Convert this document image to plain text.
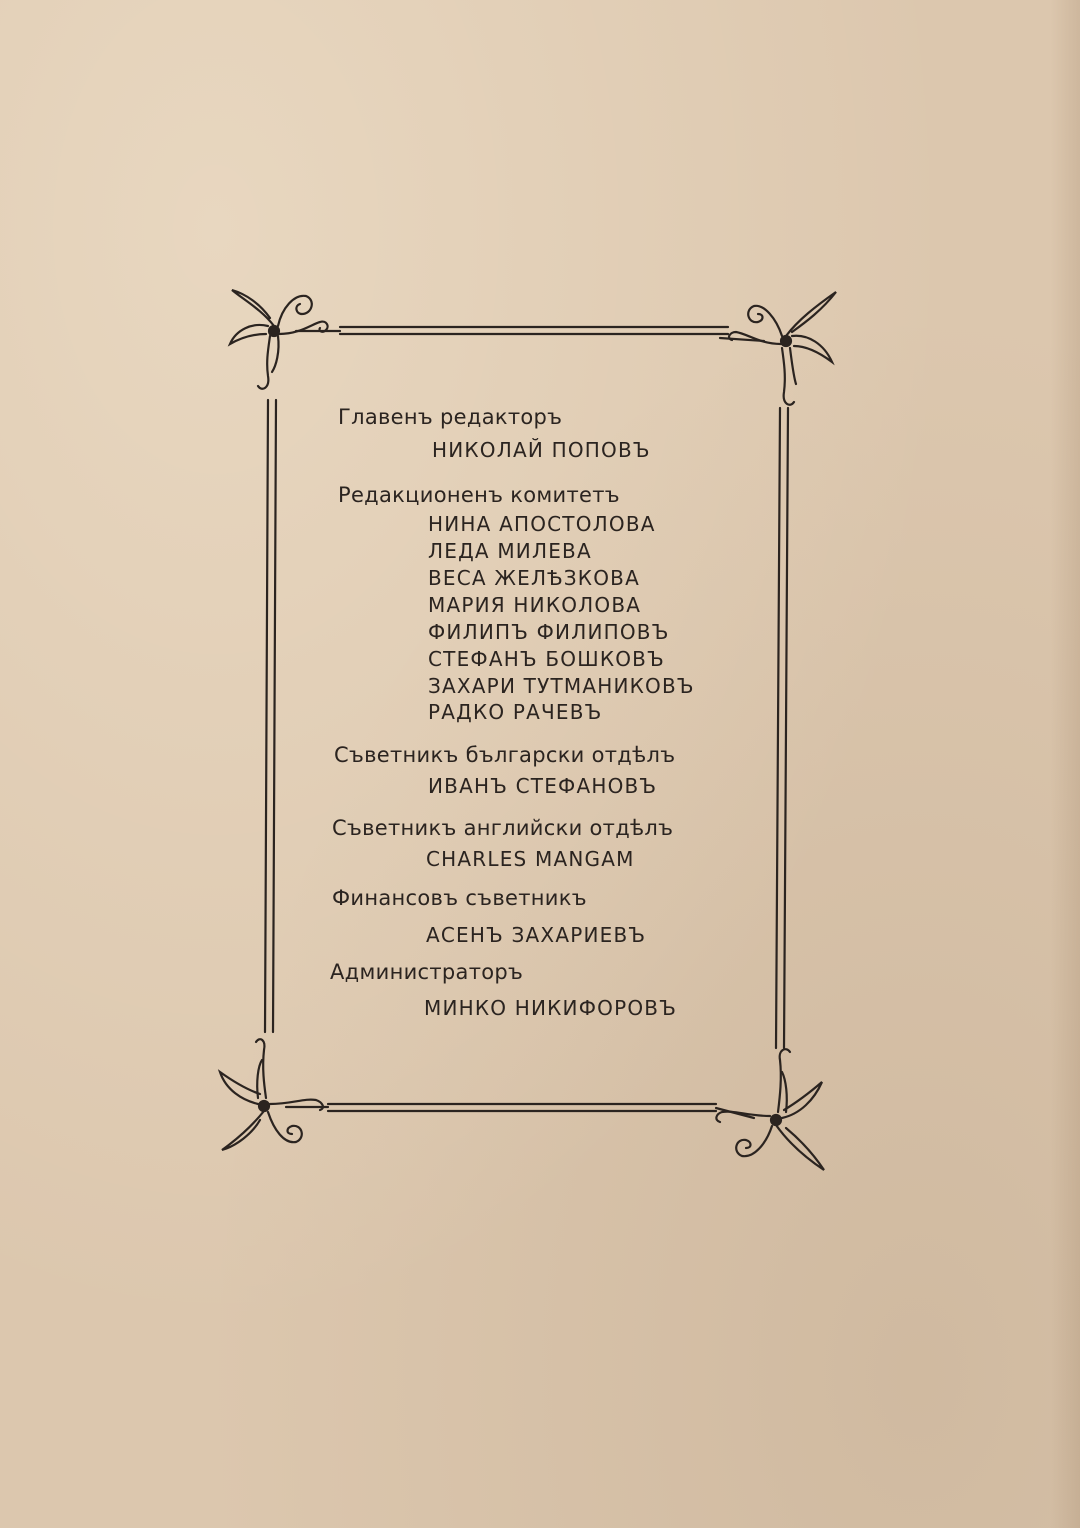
Главенъ редакторъ
НИКОЛАЙ ПОПОВЪ
Редакционенъ комитетъ
НИНА АПОСТОЛОВА
ЛЕДА МИЛЕВА
ВЕСА ЖЕЛѢЗКОВА
МАРИЯ НИКОЛОВА
ФИЛИПЪ ФИЛИПОВЪ
СТЕФАНЪ БОШКОВЪ
ЗАХАРИ ТУТМАНИКОВЪ
РАДКО РАЧЕВЪ
Съветникъ български отдѣлъ
ИВАНЪ СТЕФАНОВЪ
Съветникъ английски отдѣлъ
CHARLES MANGAM
Финансовъ съветникъ
АСЕНЪ ЗАХАРИЕВЪ
Администраторъ
МИНКО НИКИФОРОВЪ
